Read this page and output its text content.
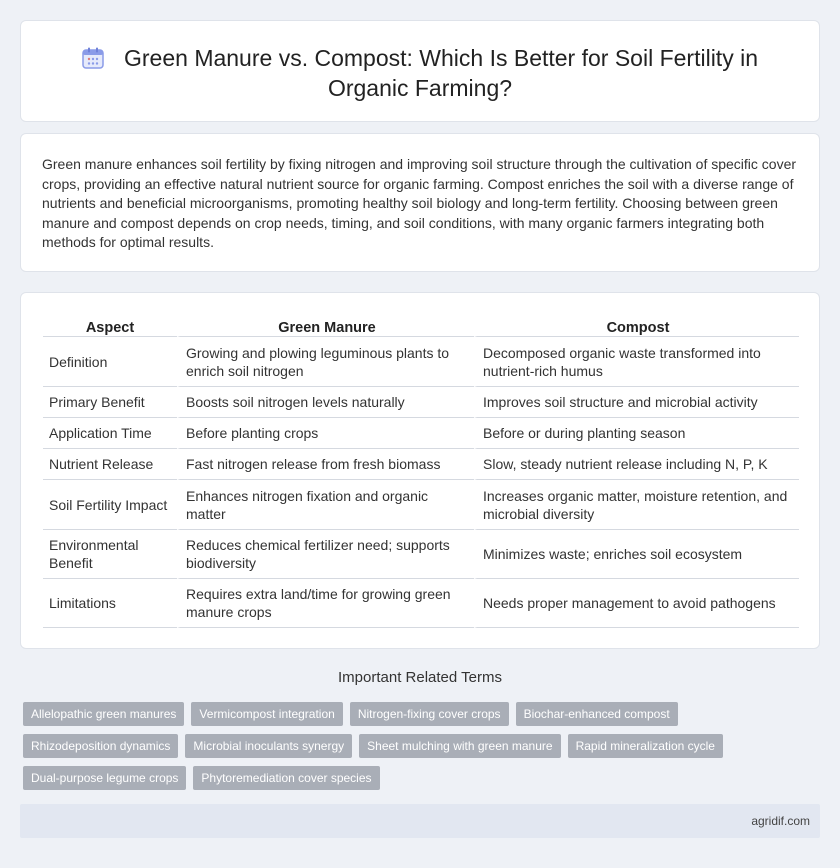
Green Manure vs. Compost: Which Is Better for Soil Fertility in Organic Farming?

Green manure enhances soil fertility by fixing nitrogen and improving soil structure through the cultivation of specific cover crops, providing an effective natural nutrient source for organic farming. Compost enriches the soil with a diverse range of nutrients and beneficial microorganisms, promoting healthy soil biology and long-term fertility. Choosing between green manure and compost depends on crop needs, timing, and soil conditions, with many organic farmers integrating both methods for optimal results.

Aspect	Green Manure	Compost
Definition	Growing and plowing leguminous plants to enrich soil nitrogen	Decomposed organic waste transformed into nutrient-rich humus
Primary Benefit	Boosts soil nitrogen levels naturally	Improves soil structure and microbial activity
Application Time	Before planting crops	Before or during planting season
Nutrient Release	Fast nitrogen release from fresh biomass	Slow, steady nutrient release including N, P, K
Soil Fertility Impact	Enhances nitrogen fixation and organic matter	Increases organic matter, moisture retention, and microbial diversity
Environmental Benefit	Reduces chemical fertilizer need; supports biodiversity	Minimizes waste; enriches soil ecosystem
Limitations	Requires extra land/time for growing green manure crops	Needs proper management to avoid pathogens
Important Related Terms
Allelopathic green manures	Vermicompost integration	Nitrogen-fixing cover crops	Biochar-enhanced compost
Rhizodeposition dynamics	Microbial inoculants synergy	Sheet mulching with green manure	Rapid mineralization cycle
Dual-purpose legume crops	Phytoremediation cover species
agridif.com
